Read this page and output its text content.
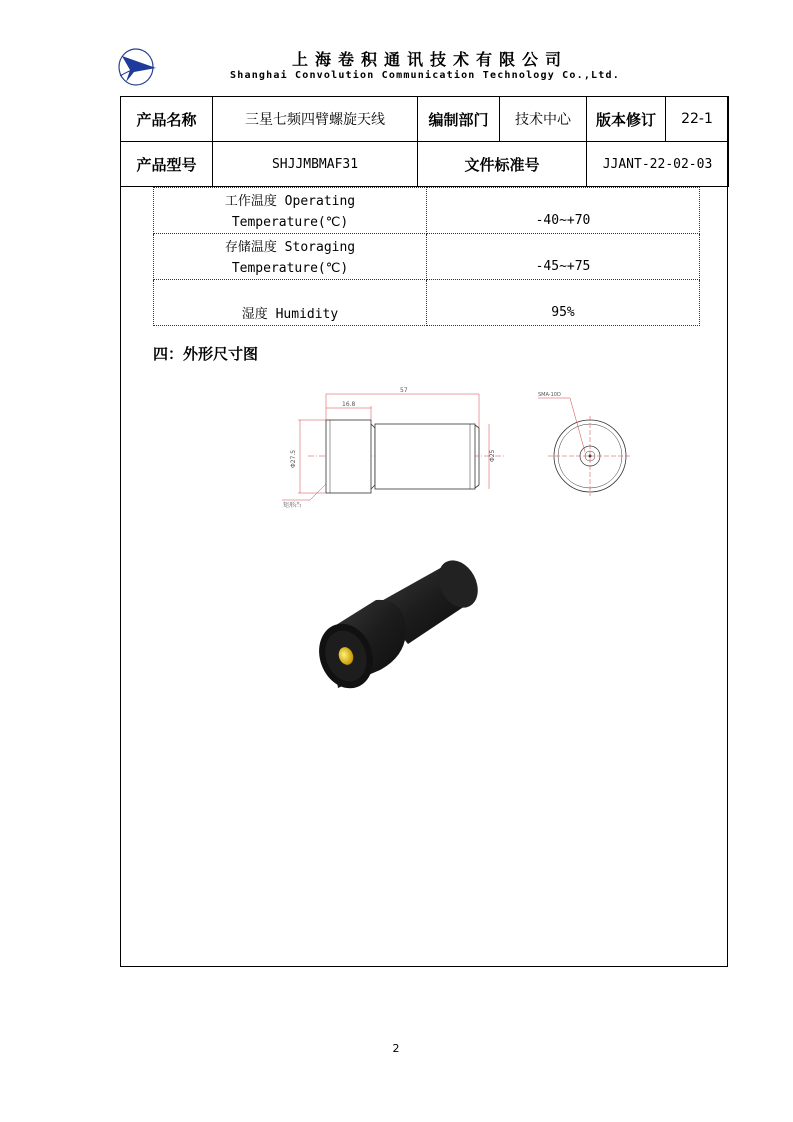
上海卷积通讯技术有限公司
Shanghai Convolution Communication Technology Co.,Ltd.
产品名称	三星七频四臂螺旋天线	编制部门	技术中心	版本修订	22-1
产品型号	SHJJMBMAF31	文件标准号		JJANT-22-02-03	
工作温度 Operating
Temperature(℃)	-40~+70

存储温度 Storaging
Temperature(℃)	-45~+75

湿度 Humidity	95%
四：外形尺寸图
57
16.8
Φ27.5	Φ25
矩形凸
SMA-10D
2
